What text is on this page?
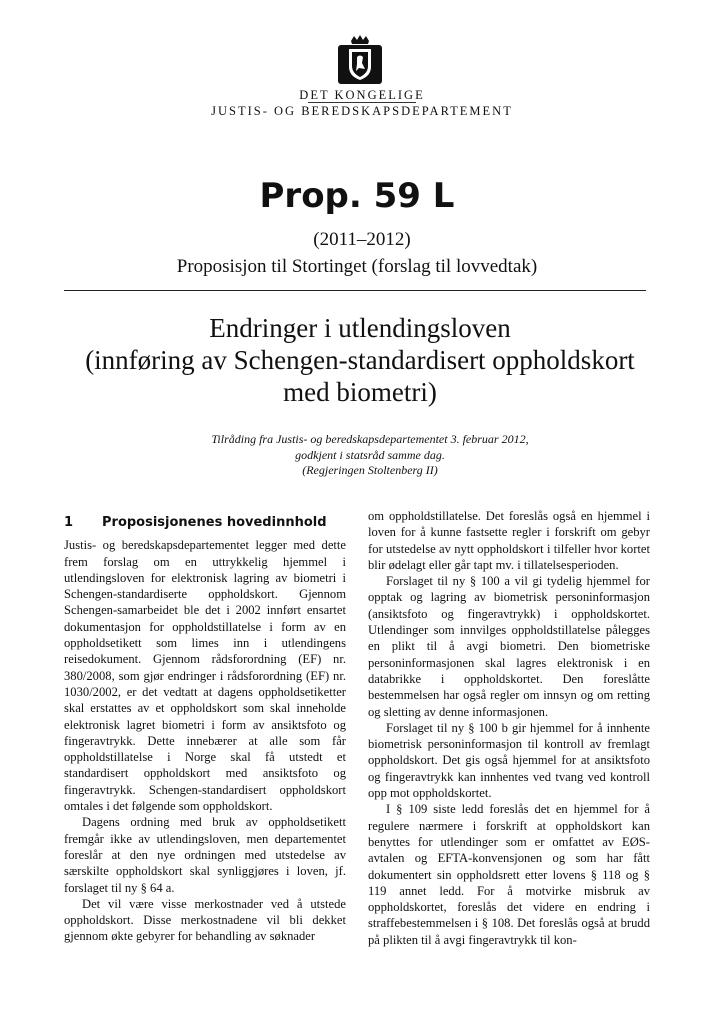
DET KONGELIGE
JUSTIS- OG BEREDSKAPSDEPARTEMENT
Prop. 59 L
(2011–2012)
Proposisjon til Stortinget (forslag til lovvedtak)
Endringer i utlendingsloven
(innføring av Schengen-standardisert oppholdskort
med biometri)
Tilråding fra Justis- og beredskapsdepartementet 3. februar 2012,
godkjent i statsråd samme dag.
(Regjeringen Stoltenberg II)
1	Proposisjonenes hovedinnhold

Justis- og beredskapsdepartementet legger med dette frem forslag om en uttrykkelig hjemmel i utlendingsloven for elektronisk lagring av biometri i Schengen-standardiserte oppholdskort. Gjennom Schengen-samarbeidet ble det i 2002 innført ensartet dokumentasjon for oppholdstillatelse i form av en oppholdsetikett som limes inn i utlendingens reisedokument. Gjennom rådsforordning (EF) nr. 380/2008, som gjør endringer i rådsforordning (EF) nr. 1030/2002, er det vedtatt at dagens oppholdsetiketter skal erstattes av et oppholdskort som skal inneholde elektronisk lagret biometri i form av ansiktsfoto og fingeravtrykk. Dette innebærer at alle som får oppholdstillatelse i Norge skal få utstedt et standardisert oppholdskort med ansiktsfoto og fingeravtrykk. Schengen-standardisert oppholdskort omtales i det følgende som oppholdskort.

Dagens ordning med bruk av oppholdsetikett fremgår ikke av utlendingsloven, men departementet foreslår at den nye ordningen med utstedelse av særskilte oppholdskort skal synliggjøres i loven, jf. forslaget til ny § 64 a.

Det vil være visse merkostnader ved å utstede oppholdskort. Disse merkostnadene vil bli dekket gjennom økte gebyrer for behandling av søknader

om oppholdstillatelse. Det foreslås også en hjemmel i loven for å kunne fastsette regler i forskrift om gebyr for utstedelse av nytt oppholdskort i tilfeller hvor kortet blir ødelagt eller går tapt mv. i tillatelsesperioden.

Forslaget til ny § 100 a vil gi tydelig hjemmel for opptak og lagring av biometrisk personinformasjon (ansiktsfoto og fingeravtrykk) i oppholdskortet. Utlendinger som innvilges oppholdstillatelse pålegges en plikt til å avgi biometri. Den biometriske personinformasjonen skal lagres elektronisk i en databrikke i oppholdskortet. Den foreslåtte bestemmelsen har også regler om innsyn og om retting og sletting av denne informasjonen.

Forslaget til ny § 100 b gir hjemmel for å innhente biometrisk personinformasjon til kontroll av fremlagt oppholdskort. Det gis også hjemmel for at ansiktsfoto og fingeravtrykk kan innhentes ved tvang ved kontroll opp mot oppholdskortet.

I § 109 siste ledd foreslås det en hjemmel for å regulere nærmere i forskrift at oppholdskort kan benyttes for utlendinger som er omfattet av EØS-avtalen og EFTA-konvensjonen og som har fått dokumentert sin oppholdsrett etter lovens § 118 og § 119 annet ledd. For å motvirke misbruk av oppholdskortet, foreslås det videre en endring i straffebestemmelsen i § 108. Det foreslås også at brudd på plikten til å avgi fingeravtrykk til kon-
